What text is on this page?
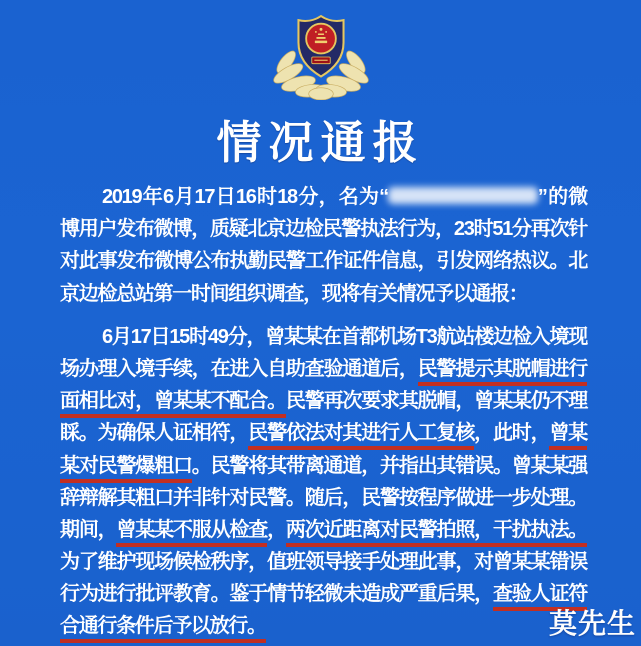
情况通报
2019年6月17日16时18分，名为“	”的微
博用户发布微博，质疑北京边检民警执法行为，23时51分再次针
对此事发布微博公布执勤民警工作证件信息，引发网络热议。北
京边检总站第一时间组织调查，现将有关情况予以通报：
6月17日15时49分，曾某某在首都机场T3航站楼边检入境现
场办理入境手续，在进入自助查验通道后，民警提示其脱帽进行
面相比对，曾某某不配合。民警再次要求其脱帽，曾某某仍不理
睬。为确保人证相符，民警依法对其进行人工复核，此时，曾某
某对民警爆粗口。民警将其带离通道，并指出其错误。曾某某强
辞辩解其粗口并非针对民警。随后，民警按程序做进一步处理。
期间，曾某某不服从检查，两次近距离对民警拍照，干扰执法。
为了维护现场候检秩序，值班领导接手处理此事，对曾某某错误
行为进行批评教育。鉴于情节轻微未造成严重后果，查验人证符
合通行条件后予以放行。	莫先生
